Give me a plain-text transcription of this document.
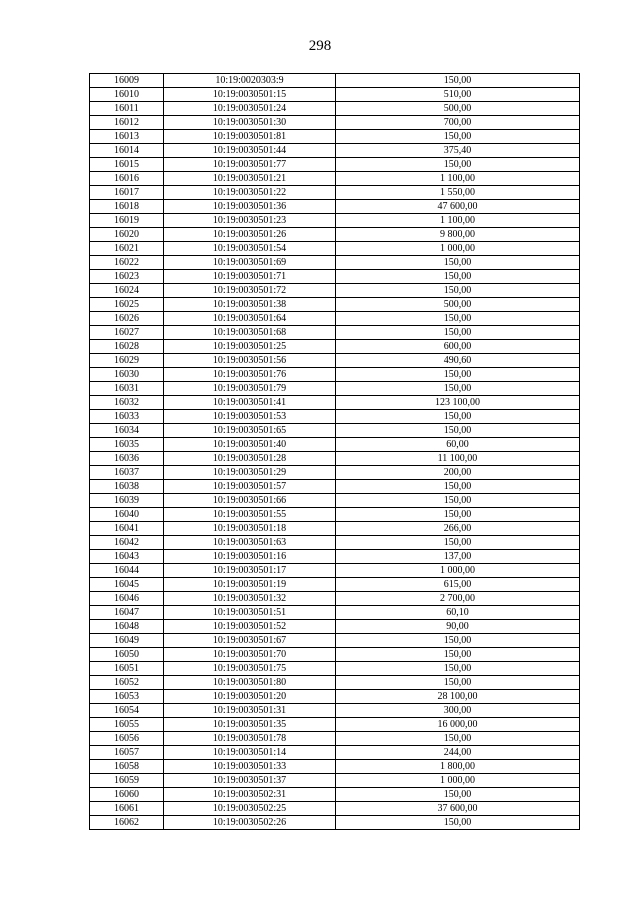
298
16009	10:19:0020303:9	150,00
16010	10:19:0030501:15	510,00
16011	10:19:0030501:24	500,00
16012	10:19:0030501:30	700,00
16013	10:19:0030501:81	150,00
16014	10:19:0030501:44	375,40
16015	10:19:0030501:77	150,00
16016	10:19:0030501:21	1 100,00
16017	10:19:0030501:22	1 550,00
16018	10:19:0030501:36	47 600,00
16019	10:19:0030501:23	1 100,00
16020	10:19:0030501:26	9 800,00
16021	10:19:0030501:54	1 000,00
16022	10:19:0030501:69	150,00
16023	10:19:0030501:71	150,00
16024	10:19:0030501:72	150,00
16025	10:19:0030501:38	500,00
16026	10:19:0030501:64	150,00
16027	10:19:0030501:68	150,00
16028	10:19:0030501:25	600,00
16029	10:19:0030501:56	490,60
16030	10:19:0030501:76	150,00
16031	10:19:0030501:79	150,00
16032	10:19:0030501:41	123 100,00
16033	10:19:0030501:53	150,00
16034	10:19:0030501:65	150,00
16035	10:19:0030501:40	60,00
16036	10:19:0030501:28	11 100,00
16037	10:19:0030501:29	200,00
16038	10:19:0030501:57	150,00
16039	10:19:0030501:66	150,00
16040	10:19:0030501:55	150,00
16041	10:19:0030501:18	266,00
16042	10:19:0030501:63	150,00
16043	10:19:0030501:16	137,00
16044	10:19:0030501:17	1 000,00
16045	10:19:0030501:19	615,00
16046	10:19:0030501:32	2 700,00
16047	10:19:0030501:51	60,10
16048	10:19:0030501:52	90,00
16049	10:19:0030501:67	150,00
16050	10:19:0030501:70	150,00
16051	10:19:0030501:75	150,00
16052	10:19:0030501:80	150,00
16053	10:19:0030501:20	28 100,00
16054	10:19:0030501:31	300,00
16055	10:19:0030501:35	16 000,00
16056	10:19:0030501:78	150,00
16057	10:19:0030501:14	244,00
16058	10:19:0030501:33	1 800,00
16059	10:19:0030501:37	1 000,00
16060	10:19:0030502:31	150,00
16061	10:19:0030502:25	37 600,00
16062	10:19:0030502:26	150,00
